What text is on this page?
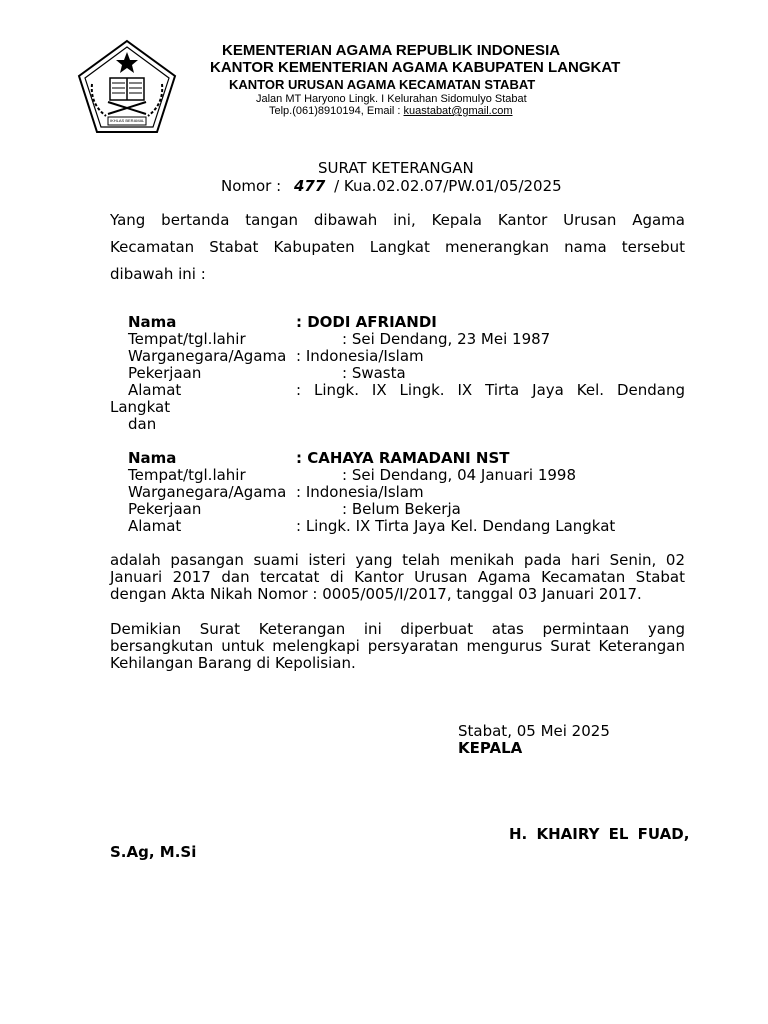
IKHLAS BERAMAL
KEMENTERIAN AGAMA REPUBLIK INDONESIA
KANTOR KEMENTERIAN AGAMA KABUPATEN LANGKAT
KANTOR URUSAN AGAMA KECAMATAN STABAT
Jalan MT Haryono Lingk. I Kelurahan Sidomulyo Stabat
Telp.(061)8910194, Email : kuastabat@gmail.com
SURAT KETERANGAN
Nomor : 477 / Kua.02.02.07/PW.01/05/2025
Yang bertanda tangan dibawah ini, Kepala Kantor Urusan Agama
Kecamatan Stabat Kabupaten Langkat menerangkan nama tersebut
dibawah ini :
Nama	: DODI AFRIANDI
Tempat/tgl.lahir	: Sei Dendang, 23 Mei 1987
Warganegara/Agama : Indonesia/Islam
Pekerjaan	: Swasta
Alamat	: Lingk. IX Lingk. IX Tirta Jaya Kel. Dendang
Langkat
dan
Nama	: CAHAYA RAMADANI NST
Tempat/tgl.lahir	: Sei Dendang, 04 Januari 1998
Warganegara/Agama : Indonesia/Islam
Pekerjaan	: Belum Bekerja
Alamat	: Lingk. IX Tirta Jaya Kel. Dendang Langkat
adalah pasangan suami isteri yang telah menikah pada hari Senin, 02
Januari 2017 dan tercatat di Kantor Urusan Agama Kecamatan Stabat
dengan Akta Nikah Nomor : 0005/005/I/2017, tanggal 03 Januari 2017.
Demikian Surat Keterangan ini diperbuat atas permintaan yang
bersangkutan untuk melengkapi persyaratan mengurus Surat Keterangan
Kehilangan Barang di Kepolisian.
Stabat, 05 Mei 2025
KEPALA
H. KHAIRY EL FUAD,
S.Ag, M.Si
